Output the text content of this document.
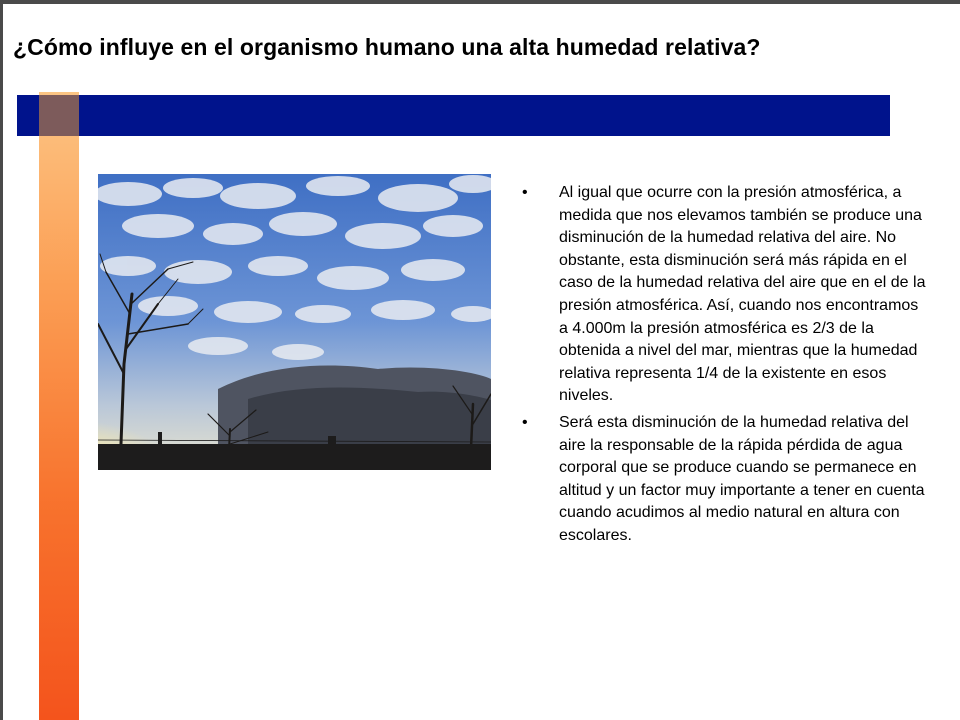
¿Cómo influye en el organismo humano una alta humedad relativa?
• Al igual que ocurre con la presión atmosférica, a medida que nos elevamos también se produce una disminución de la humedad relativa del aire. No obstante, esta disminución será más rápida en el caso de la humedad relativa del aire que en el de la presión atmosférica. Así, cuando nos encontramos a 4.000m la presión atmosférica es 2/3 de la obtenida a nivel del mar, mientras que la humedad relativa representa 1/4 de la existente en esos niveles.
• Será esta disminución de la humedad relativa del aire la responsable de la rápida pérdida de agua corporal que se produce cuando se permanece en altitud y un factor muy importante a tener en cuenta cuando acudimos al medio natural en altura con escolares.
